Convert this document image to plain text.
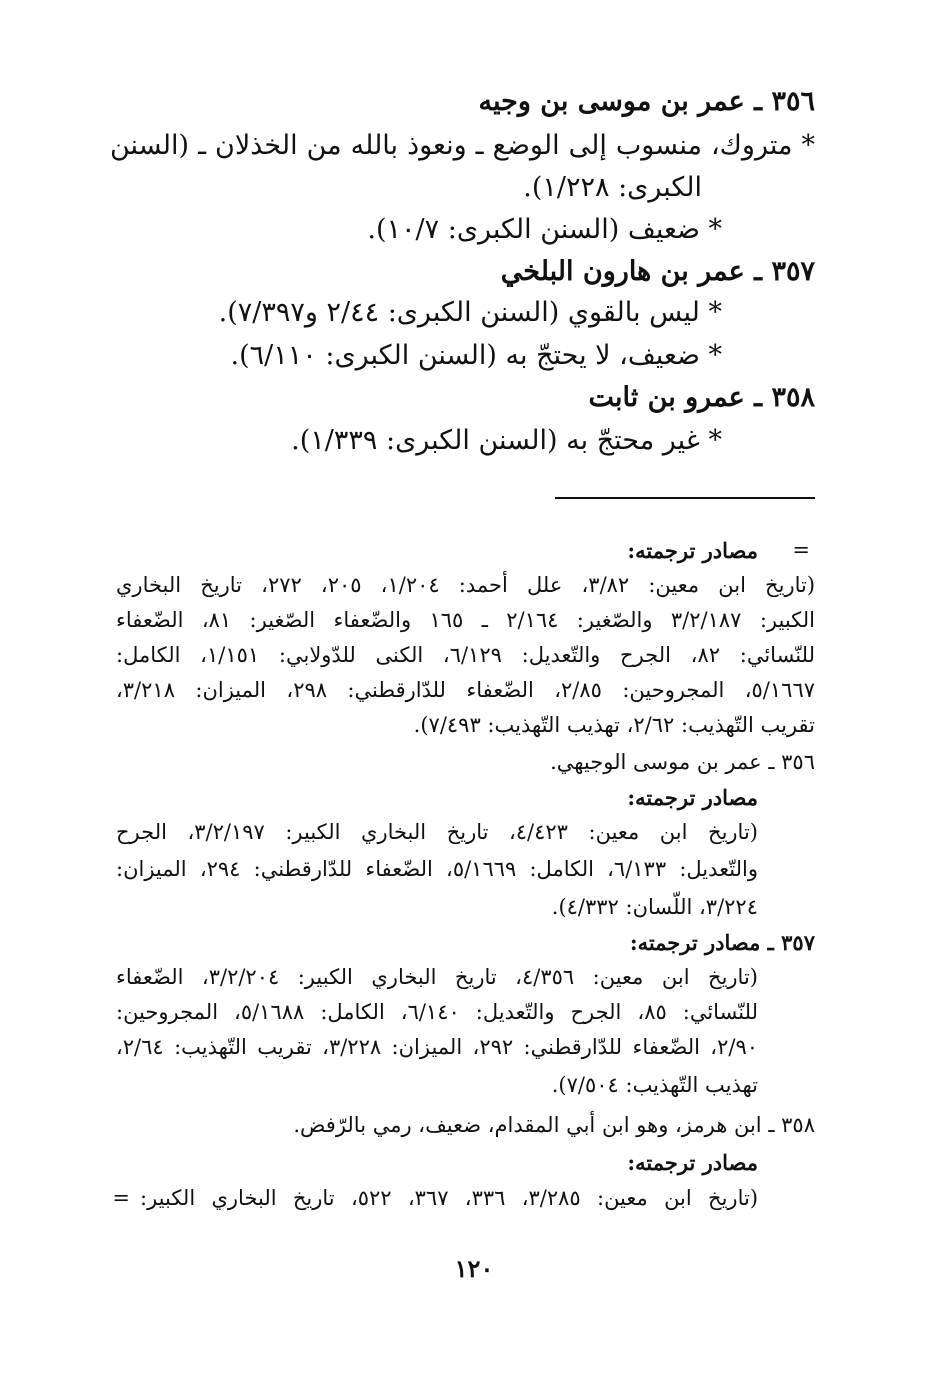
٣٥٦ ـ عمر بن موسى بن وجيه
* متروك، منسوب إلى الوضع ـ ونعوذ بالله من الخذلان ـ (السنن
الكبرى: ١/٢٢٨).
* ضعيف (السنن الكبرى: ١٠/٧).
٣٥٧ ـ عمر بن هارون البلخي
* ليس بالقوي (السنن الكبرى: ٢/٤٤ و٧/٣٩٧).
* ضعيف، لا يحتجّ به (السنن الكبرى: ٦/١١٠).
٣٥٨ ـ عمرو بن ثابت
* غير محتجّ به (السنن الكبرى: ١/٣٣٩).
=
مصادر ترجمته:
(تاريخ ابن معين: ٣/٨٢، علل أحمد: ١/٢٠٤، ٢٠٥، ٢٧٢، تاريخ البخاري
الكبير: ٣/٢/١٨٧ والصّغير: ٢/١٦٤ ـ ١٦٥ والضّعفاء الصّغير: ٨١، الضّعفاء
للنّسائي: ٨٢، الجرح والتّعديل: ٦/١٢٩، الكنى للدّولابي: ١/١٥١، الكامل:
٥/١٦٦٧، المجروحين: ٢/٨٥، الضّعفاء للدّارقطني: ٢٩٨، الميزان: ٣/٢١٨،
تقريب التّهذيب: ٢/٦٢، تهذيب التّهذيب: ٧/٤٩٣).
٣٥٦ ـ عمر بن موسى الوجيهي.
مصادر ترجمته:
(تاريخ ابن معين: ٤/٤٢٣، تاريخ البخاري الكبير: ٣/٢/١٩٧، الجرح
والتّعديل: ٦/١٣٣، الكامل: ٥/١٦٦٩، الضّعفاء للدّارقطني: ٢٩٤، الميزان:
٣/٢٢٤، اللّسان: ٤/٣٣٢).
٣٥٧ ـ مصادر ترجمته:
(تاريخ ابن معين: ٤/٣٥٦، تاريخ البخاري الكبير: ٣/٢/٢٠٤، الضّعفاء
للنّسائي: ٨٥، الجرح والتّعديل: ٦/١٤٠، الكامل: ٥/١٦٨٨، المجروحين:
٢/٩٠، الضّعفاء للدّارقطني: ٢٩٢، الميزان: ٣/٢٢٨، تقريب التّهذيب: ٢/٦٤،
تهذيب التّهذيب: ٧/٥٠٤).
٣٥٨ ـ ابن هرمز، وهو ابن أبي المقدام، ضعيف، رمي بالرّفض.
مصادر ترجمته:
(تاريخ ابن معين: ٣/٢٨٥، ٣٣٦، ٣٦٧، ٥٢٢، تاريخ البخاري الكبير:
=
١٢٠
